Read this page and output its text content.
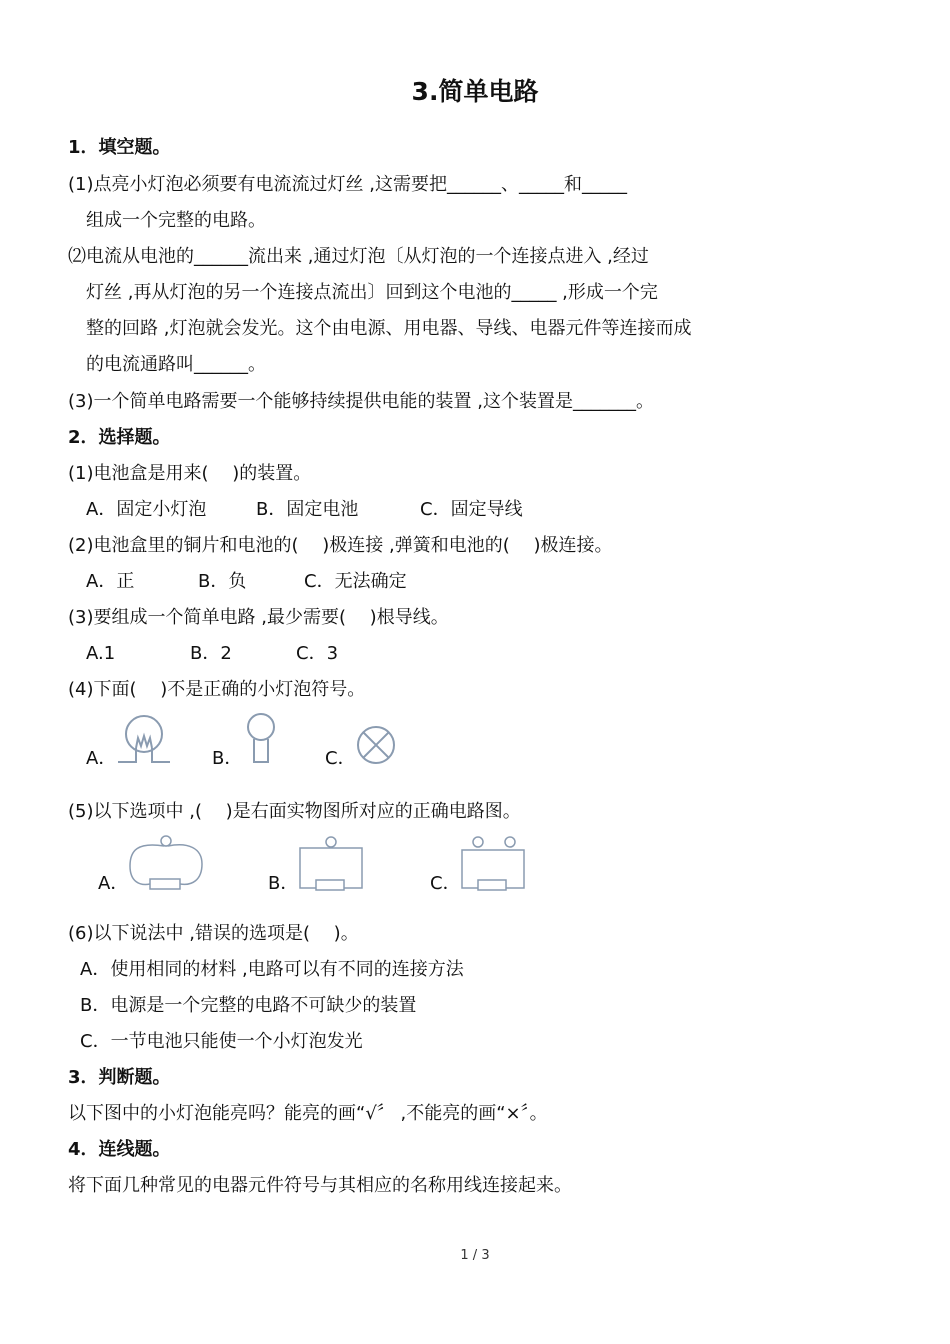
3.简单电路
1．填空题。
(1)点亮小灯泡必须要有电流流过灯丝 ,这需要把______、_____和_____
组成一个完整的电路。
⑵电流从电池的______流出来 ,通过灯泡〔从灯泡的一个连接点进入 ,经过
灯丝 ,再从灯泡的另一个连接点流出〕回到这个电池的_____ ,形成一个完
整的回路 ,灯泡就会发光。这个由电源、用电器、导线、电器元件等连接而成
的电流通路叫______。
(3)一个简单电路需要一个能够持续提供电能的装置 ,这个装置是_______。
2．选择题。
(1)电池盒是用来(　 )的装置。
A．固定小灯泡	B．固定电池	C．固定导线
(2)电池盒里的铜片和电池的(　 )极连接 ,弹簧和电池的(　 )极连接。
A．正	B．负	C．无法确定
(3)要组成一个简单电路 ,最少需要(　 )根导线。
A.1	B．2	C．3
(4)下面(　 )不是正确的小灯泡符号。
A．	B．	C．
(5)以下选项中 ,(　 )是右面实物图所对应的正确电路图。
A．	B．	C．
(6)以下说法中 ,错误的选项是(　 )。
A．使用相同的材料 ,电路可以有不同的连接方法
B．电源是一个完整的电路不可缺少的装置
C．一节电池只能使一个小灯泡发光
3．判断题。
以下图中的小灯泡能亮吗？能亮的画“√〞 ,不能亮的画“×〞。
4．连线题。
将下面几种常见的电器元件符号与其相应的名称用线连接起来。
1 / 3
